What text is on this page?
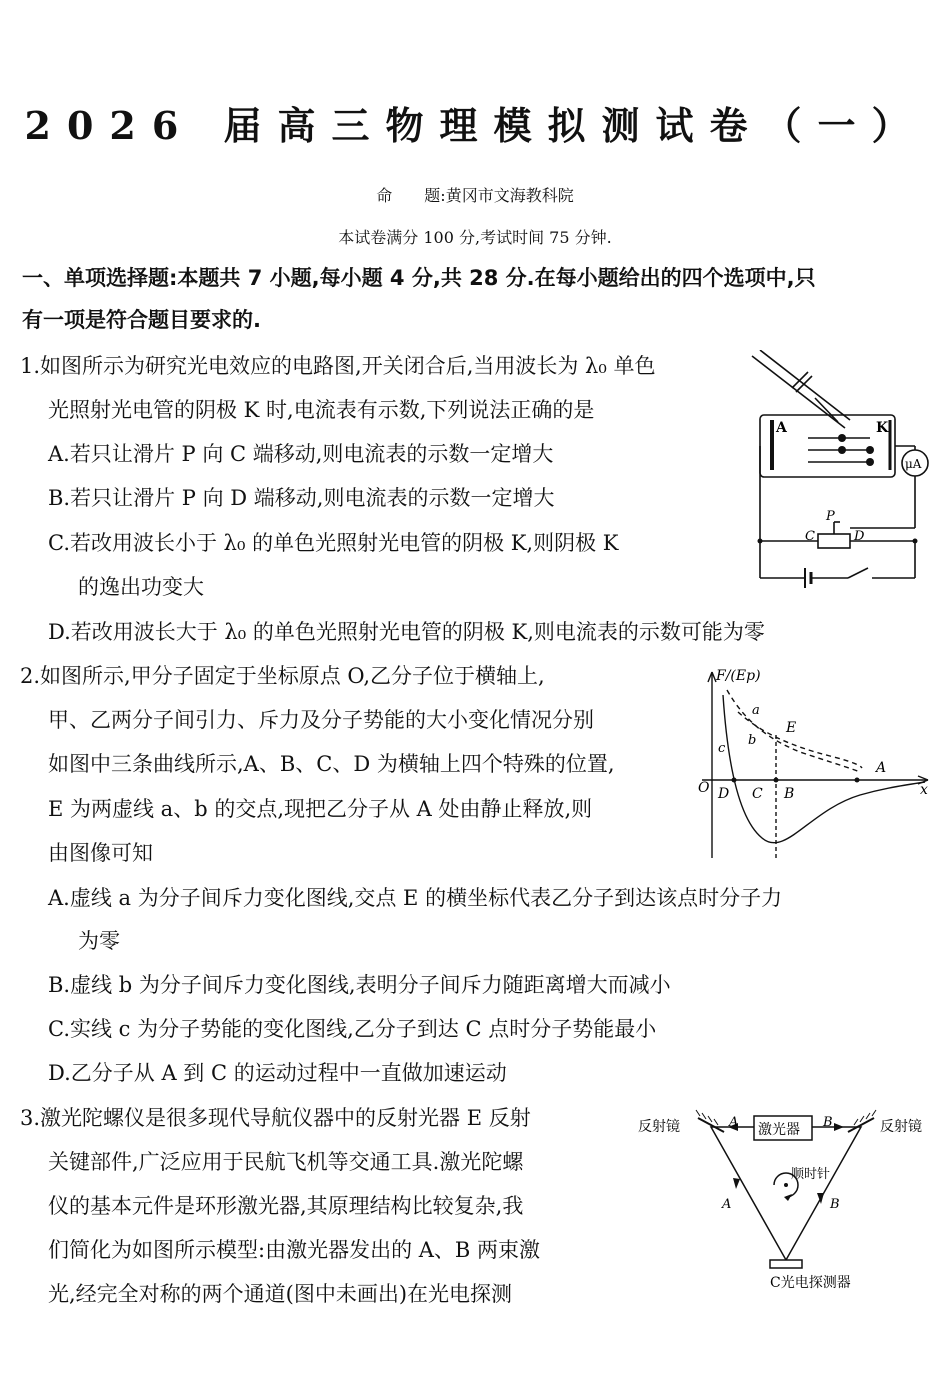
2026 届高三物理模拟测试卷（一）
命　　题:黄冈市文海教科院
本试卷满分 100 分,考试时间 75 分钟.
一、单项选择题:本题共 7 小题,每小题 4 分,共 28 分.在每小题给出的四个选项中,只
有一项是符合题目要求的.
1.如图所示为研究光电效应的电路图,开关闭合后,当用波长为 λ₀ 单色
光照射光电管的阴极 K 时,电流表有示数,下列说法正确的是
A.若只让滑片 P 向 C 端移动,则电流表的示数一定增大
B.若只让滑片 P 向 D 端移动,则电流表的示数一定增大
C.若改用波长小于 λ₀ 的单色光照射光电管的阴极 K,则阴极 K
的逸出功变大
D.若改用波长大于 λ₀ 的单色光照射光电管的阴极 K,则电流表的示数可能为零
A	K
μA
P
C	D
2.如图所示,甲分子固定于坐标原点 O,乙分子位于横轴上,
甲、乙两分子间引力、斥力及分子势能的大小变化情况分别
如图中三条曲线所示,A、B、C、D 为横轴上四个特殊的位置,
E 为两虚线 a、b 的交点,现把乙分子从 A 处由静止释放,则
由图像可知
A.虚线 a 为分子间斥力变化图线,交点 E 的横坐标代表乙分子到达该点时分子力
为零
B.虚线 b 为分子间斥力变化图线,表明分子间斥力随距离增大而减小
C.实线 c 为分子势能的变化图线,乙分子到达 C 点时分子势能最小
D.乙分子从 A 到 C 的运动过程中一直做加速运动
F/(Ep)
x
O
a
b
c
E
A
B
C
D
3.激光陀螺仪是很多现代导航仪器中的反射光器 E 反射
关键部件,广泛应用于民航飞机等交通工具.激光陀螺
仪的基本元件是环形激光器,其原理结构比较复杂,我
们简化为如图所示模型:由激光器发出的 A、B 两束激
光,经完全对称的两个通道(图中未画出)在光电探测
反射镜	反射镜
激光器
顺时针
A	B
A	B
C光电探测器
